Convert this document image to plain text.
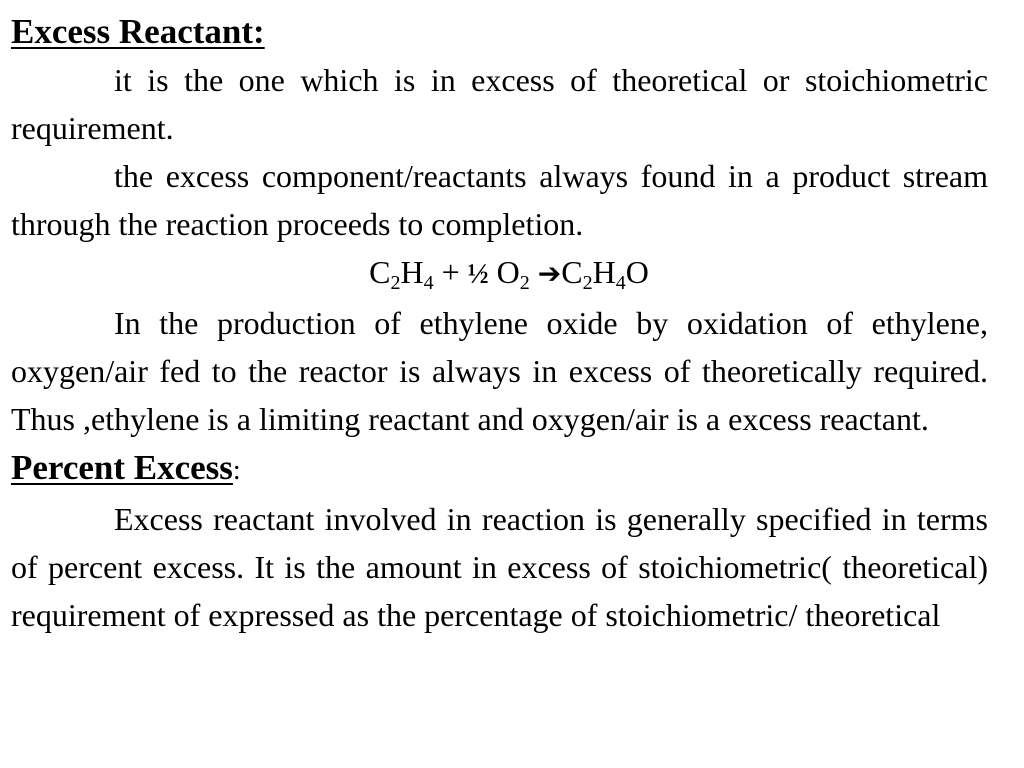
Excess Reactant:

it is the one which is in excess of theoretical or stoichiometric requirement.

the excess component/reactants always found in a product stream through the reaction proceeds to completion.

$C_2H_4$ + ½ $O_2$ $➔C_2H_4O$

In the production of ethylene oxide by oxidation of ethylene, oxygen/air fed to the reactor is always in excess of theoretically required. Thus ,ethylene is a limiting reactant and oxygen/air is a excess reactant.

Percent Excess:

Excess reactant involved in reaction is generally specified in terms of percent excess. It is the amount in excess of stoichiometric( theoretical) requirement of expressed as the percentage of stoichiometric/ theoretical
